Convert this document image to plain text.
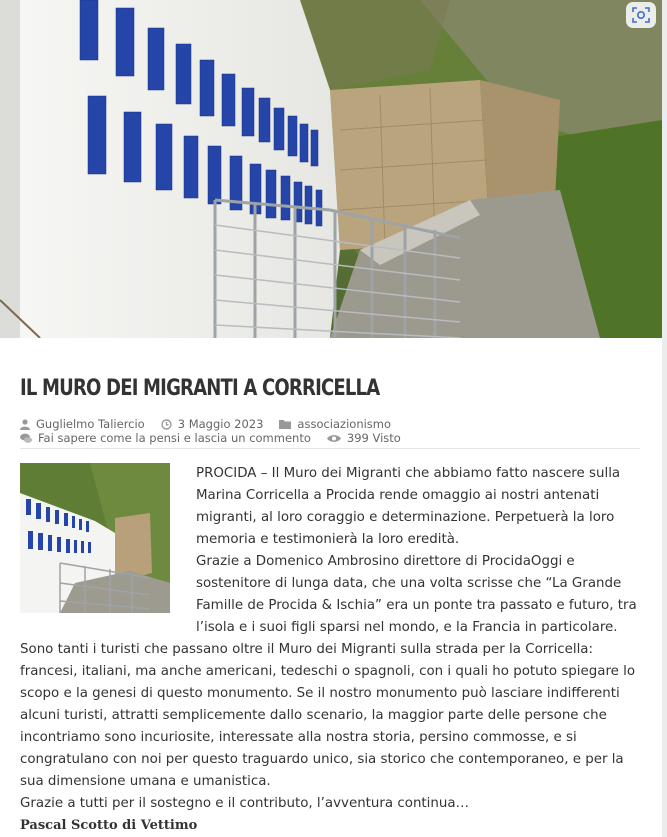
IL MURO DEI MIGRANTI A CORRICELLA
Guglielmo Taliercio	3 Maggio 2023	associazionismo
Fai sapere come la pensi e lascia un commento	399 Visto

PROCIDA – Il Muro dei Migranti che abbiamo fatto nascere sulla Marina Corricella a Procida rende omaggio ai nostri antenati migranti, al loro coraggio e determinazione. Perpetuerà la loro memoria e testimonierà la loro eredità.

Grazie a Domenico Ambrosino direttore di ProcidaOggi e sostenitore di lunga data, che una volta scrisse che “La Grande Famille de Procida & Ischia” era un ponte tra passato e futuro, tra l’isola e i suoi figli sparsi nel mondo, e la Francia in particolare.

Sono tanti i turisti che passano oltre il Muro dei Migranti sulla strada per la Corricella: francesi, italiani, ma anche americani, tedeschi o spagnoli, con i quali ho potuto spiegare lo scopo e la genesi di questo monumento. Se il nostro monumento può lasciare indifferenti alcuni turisti, attratti semplicemente dallo scenario, la maggior parte delle persone che incontriamo sono incuriosite, interessate alla nostra storia, persino commosse, e si congratulano con noi per questo traguardo unico, sia storico che contemporaneo, e per la sua dimensione umana e umanistica.

Grazie a tutti per il sostegno e il contributo, l’avventura continua…

Pascal Scotto di Vettimo
